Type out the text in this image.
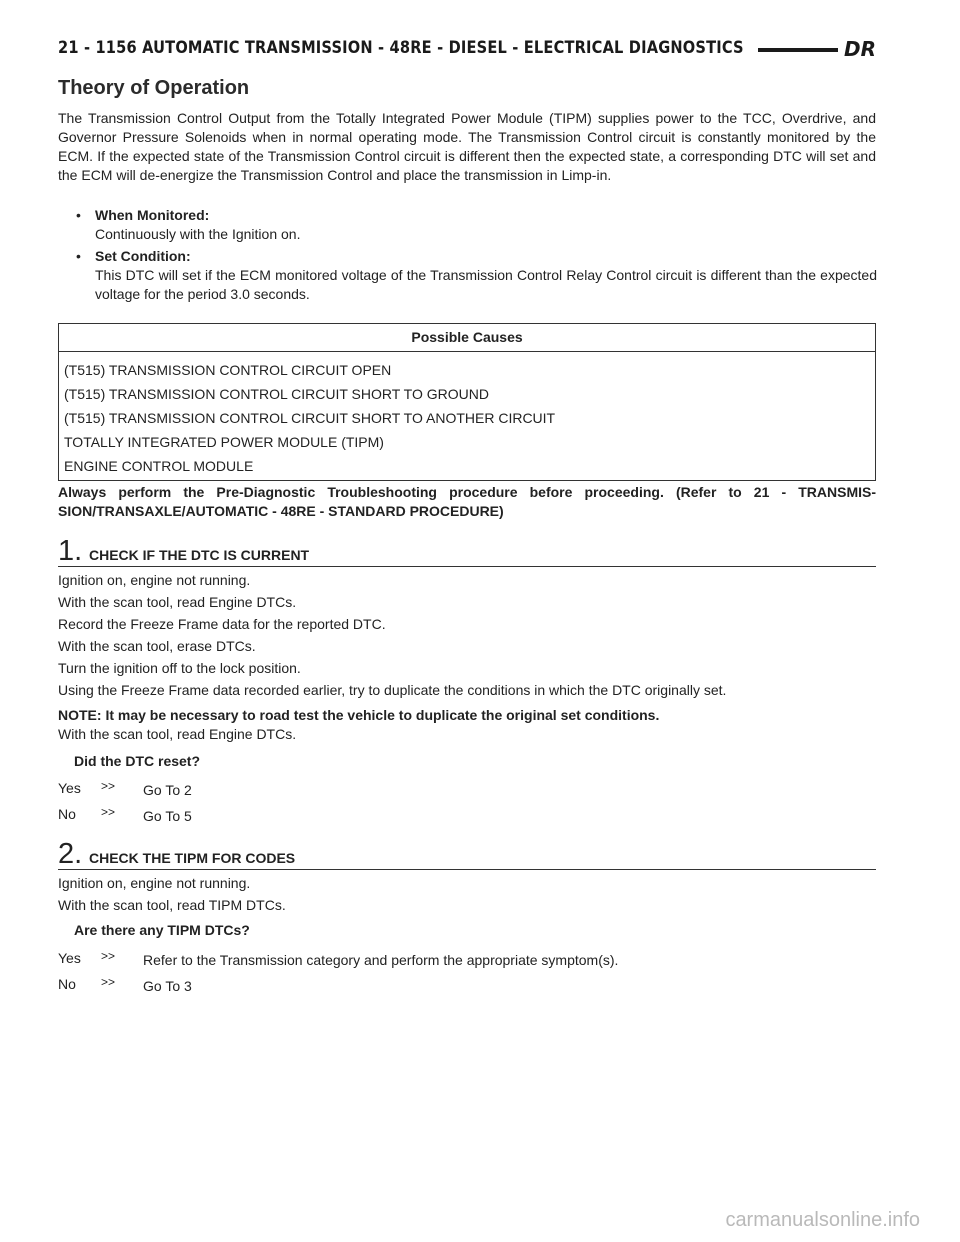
21 - 1156 AUTOMATIC TRANSMISSION - 48RE - DIESEL - ELECTRICAL DIAGNOSTICS	DR
Theory of Operation
The Transmission Control Output from the Totally Integrated Power Module (TIPM) supplies power to the TCC, Overdrive, and Governor Pressure Solenoids when in normal operating mode. The Transmission Control circuit is constantly monitored by the ECM. If the expected state of the Transmission Control circuit is different then the expected state, a corresponding DTC will set and the ECM will de-energize the Transmission Control and place the transmission in Limp-in.
• When Monitored:
Continuously with the Ignition on.
• Set Condition:
This DTC will set if the ECM monitored voltage of the Transmission Control Relay Control circuit is different than the expected voltage for the period 3.0 seconds.
Possible Causes
(T515) TRANSMISSION CONTROL CIRCUIT OPEN
(T515) TRANSMISSION CONTROL CIRCUIT SHORT TO GROUND
(T515) TRANSMISSION CONTROL CIRCUIT SHORT TO ANOTHER CIRCUIT
TOTALLY INTEGRATED POWER MODULE (TIPM)
ENGINE CONTROL MODULE
Always perform the Pre-Diagnostic Troubleshooting procedure before proceeding. (Refer to 21 - TRANSMIS-SION/TRANSAXLE/AUTOMATIC - 48RE - STANDARD PROCEDURE)
1. CHECK IF THE DTC IS CURRENT
Ignition on, engine not running.
With the scan tool, read Engine DTCs.
Record the Freeze Frame data for the reported DTC.
With the scan tool, erase DTCs.
Turn the ignition off to the lock position.
Using the Freeze Frame data recorded earlier, try to duplicate the conditions in which the DTC originally set.
NOTE: It may be necessary to road test the vehicle to duplicate the original set conditions.
With the scan tool, read Engine DTCs.
Did the DTC reset?
Yes >> Go To 2
No >> Go To 5
2. CHECK THE TIPM FOR CODES
Ignition on, engine not running.
With the scan tool, read TIPM DTCs.
Are there any TIPM DTCs?
Yes >> Refer to the Transmission category and perform the appropriate symptom(s).
No >> Go To 3
carmanualsonline.info
